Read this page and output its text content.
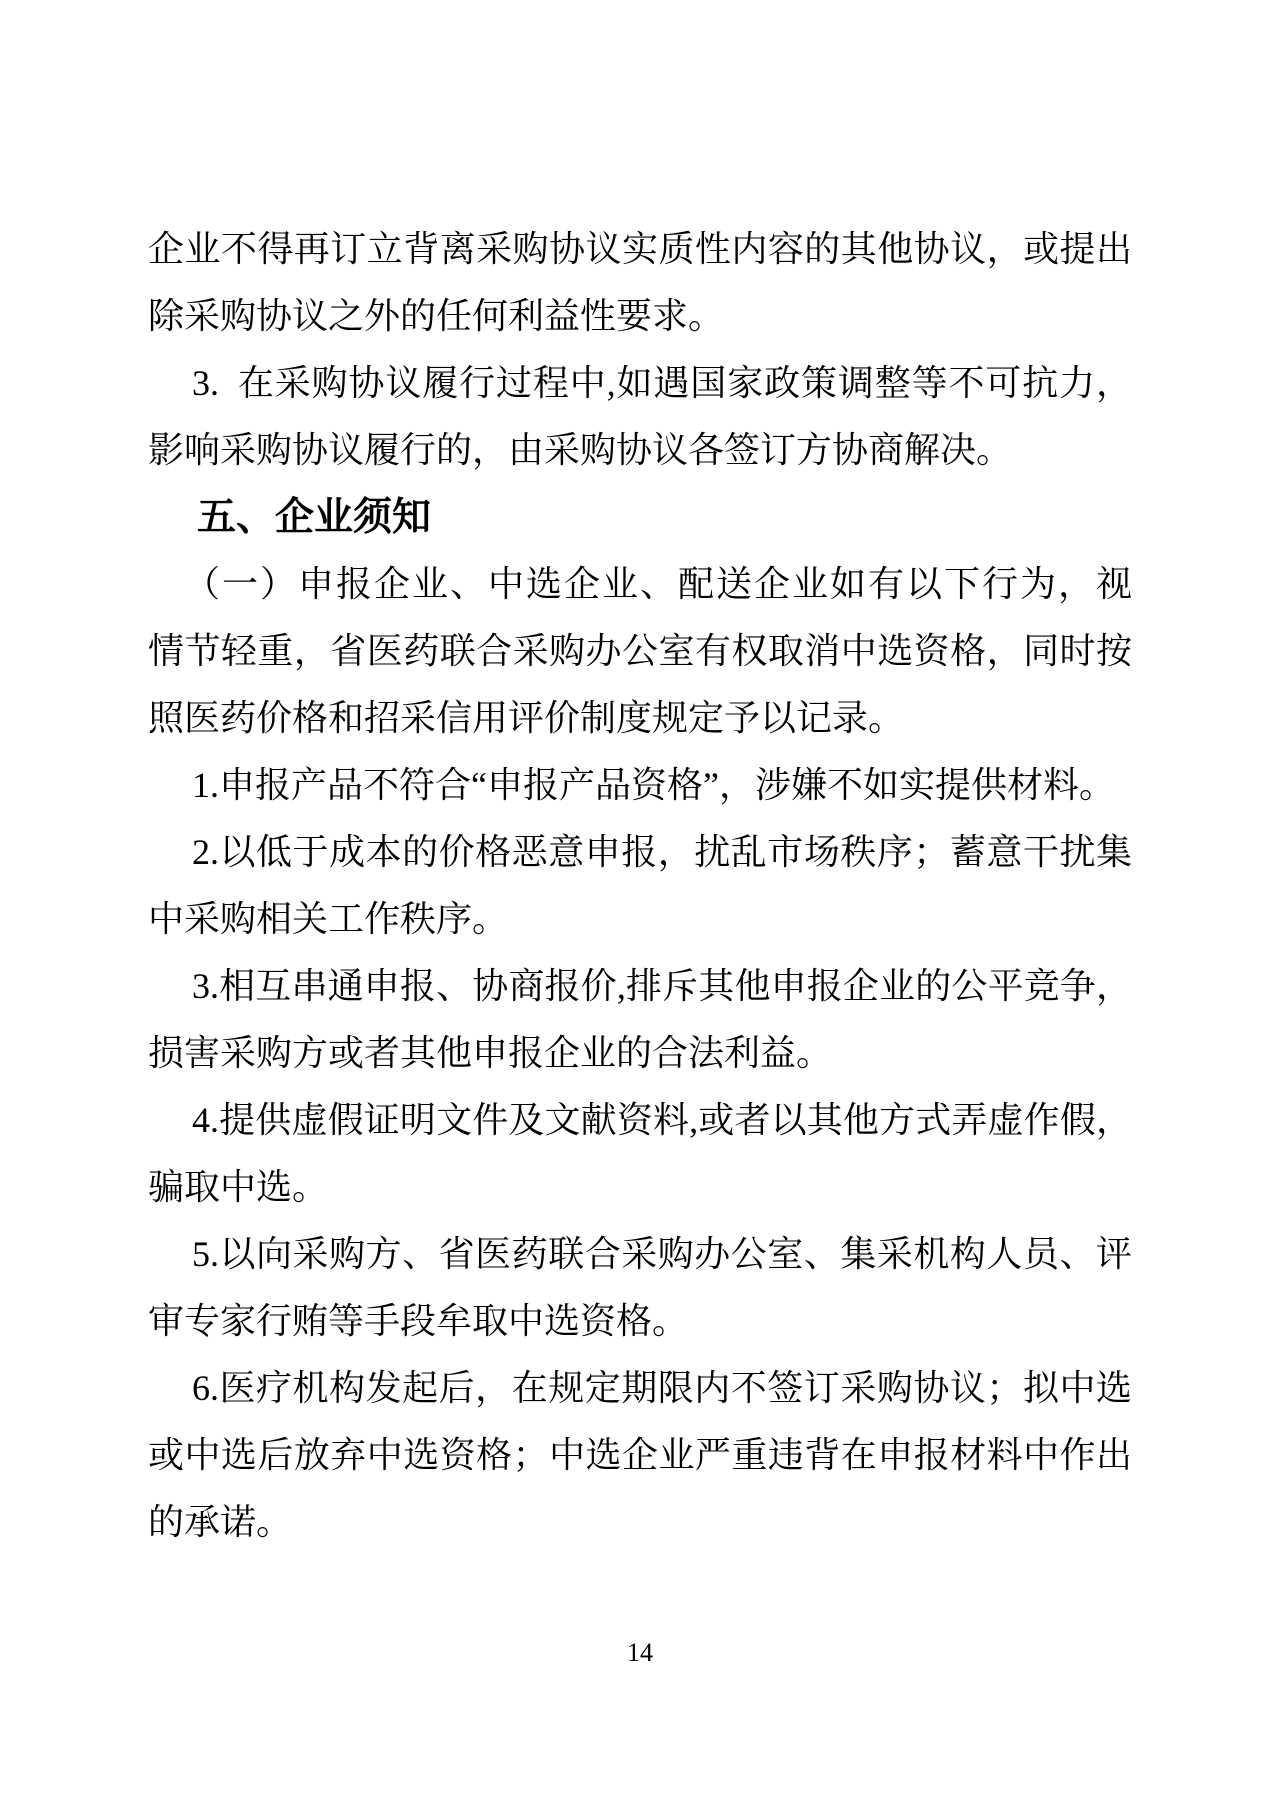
企业不得再订立背离采购协议实质性内容的其他协议，或提出
除采购协议之外的任何利益性要求。
3. 在采购协议履行过程中,如遇国家政策调整等不可抗力，
影响采购协议履行的，由采购协议各签订方协商解决。
五、企业须知
（一）申报企业、中选企业、配送企业如有以下行为，视
情节轻重，省医药联合采购办公室有权取消中选资格，同时按
照医药价格和招采信用评价制度规定予以记录。
1.申报产品不符合“申报产品资格”，涉嫌不如实提供材料。
2.以低于成本的价格恶意申报，扰乱市场秩序；蓄意干扰集
中采购相关工作秩序。
3.相互串通申报、协商报价,排斥其他申报企业的公平竞争，
损害采购方或者其他申报企业的合法利益。
4.提供虚假证明文件及文献资料,或者以其他方式弄虚作假，
骗取中选。
5.以向采购方、省医药联合采购办公室、集采机构人员、评
审专家行贿等手段牟取中选资格。
6.医疗机构发起后，在规定期限内不签订采购协议；拟中选
或中选后放弃中选资格；中选企业严重违背在申报材料中作出
的承诺。
14
